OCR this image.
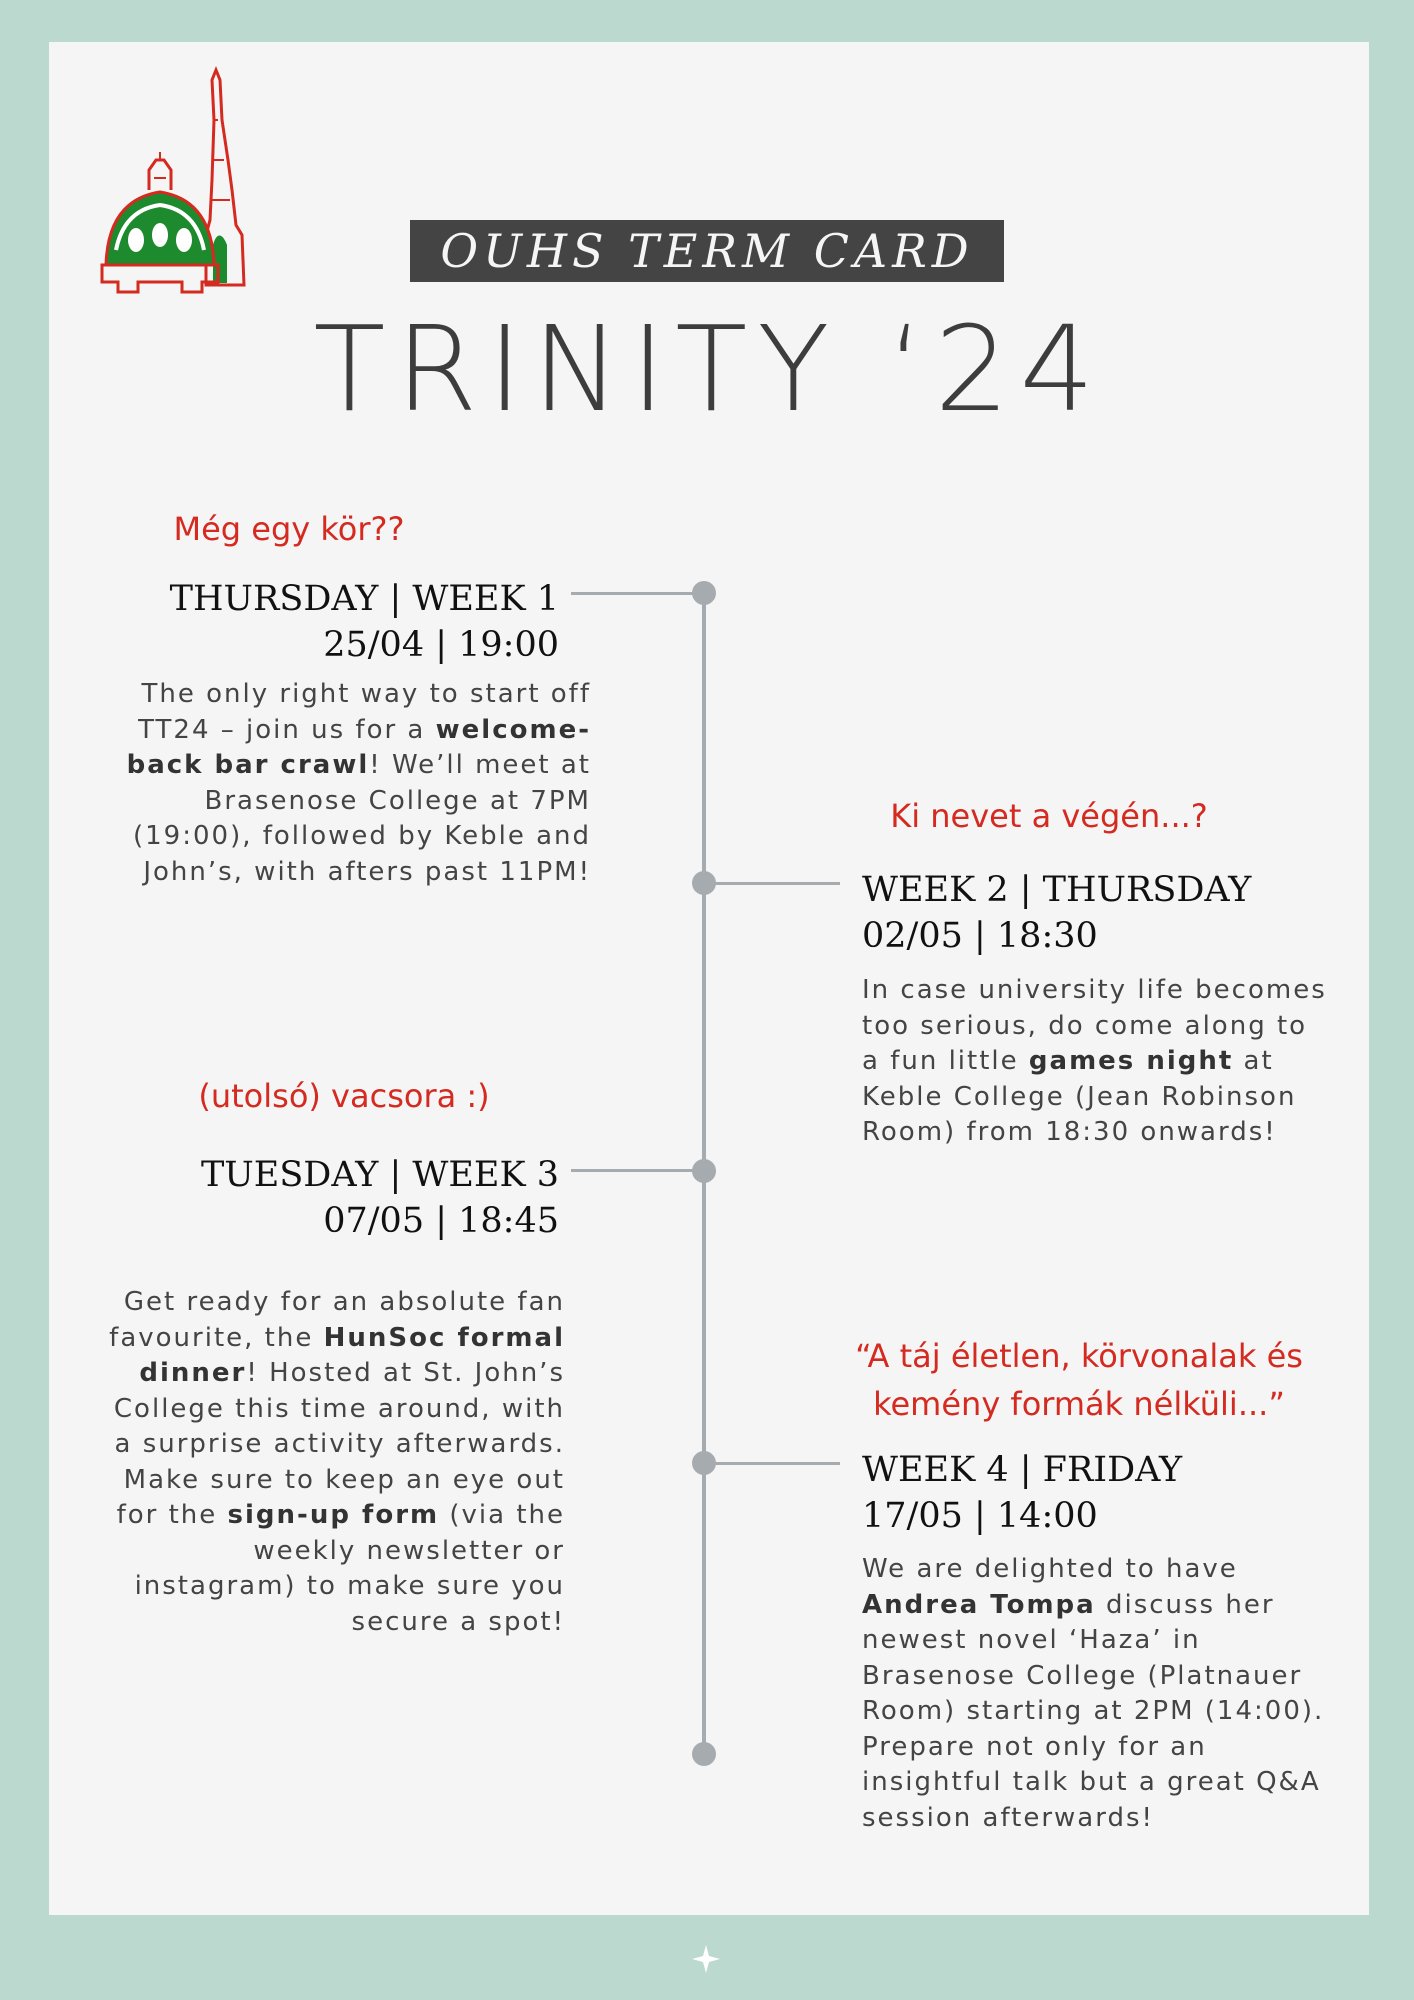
OUHS TERM CARD
TRINITY ‘24
Még egy kör??
THURSDAY | WEEK 1
25/04 | 19:00
The only right way to start off TT24 – join us for a welcome-back bar crawl! We’ll meet at Brasenose College at 7PM (19:00), followed by Keble and John’s, with afters past 11PM!
Ki nevet a végén...?
WEEK 2 | THURSDAY
02/05 | 18:30
In case university life becomes too serious, do come along to a fun little games night at Keble College (Jean Robinson Room) from 18:30 onwards!
(utolsó) vacsora :)
TUESDAY | WEEK 3
07/05 | 18:45
Get ready for an absolute fan favourite, the HunSoc formal dinner! Hosted at St. John’s College this time around, with a surprise activity afterwards. Make sure to keep an eye out for the sign-up form (via the weekly newsletter or instagram) to make sure you secure a spot!
“A táj életlen, körvonalak és kemény formák nélküli...”
WEEK 4 | FRIDAY
17/05 | 14:00
We are delighted to have Andrea Tompa discuss her newest novel ‘Haza’ in Brasenose College (Platnauer Room) starting at 2PM (14:00). Prepare not only for an insightful talk but a great Q&A session afterwards!
